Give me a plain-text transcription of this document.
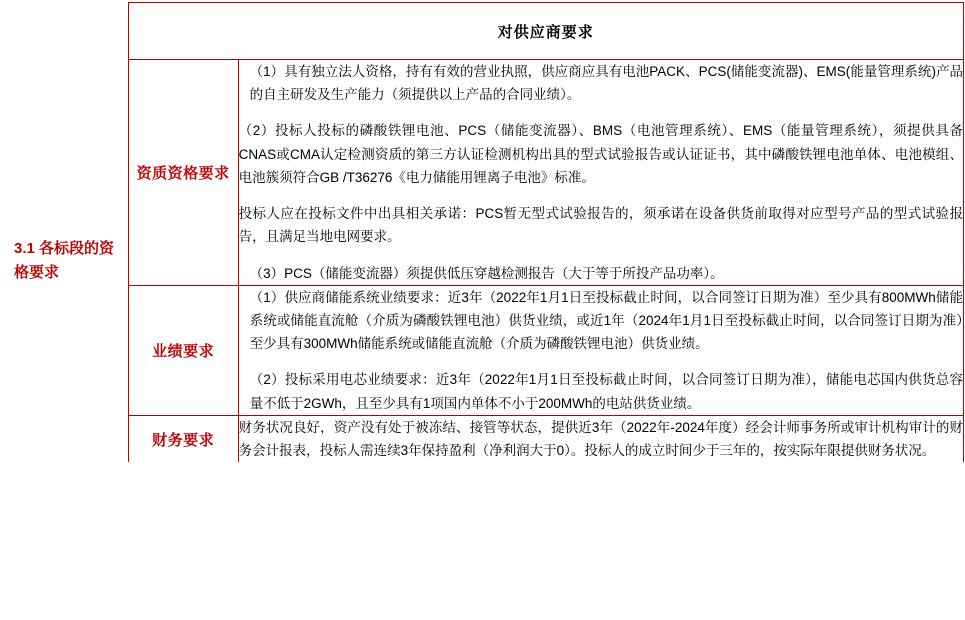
	对供应商要求	

3.1 各标段的资格要求	资质资格要求	（1）具有独立法人资格，持有有效的营业执照，供应商应具有电池PACK、PCS(储能变流器)、EMS(能量管理系统)产品的自主研发及生产能力（须提供以上产品的合同业绩）。

（2）投标人投标的磷酸铁锂电池、PCS（储能变流器）、BMS（电池管理系统）、EMS（能量管理系统），须提供具备CNAS或CMA认定检测资质的第三方认证检测机构出具的型式试验报告或认证证书，其中磷酸铁锂电池单体、电池模组、电池簇须符合GB /T36276《电力储能用锂离子电池》标准。

投标人应在投标文件中出具相关承诺：PCS暂无型式试验报告的，须承诺在设备供货前取得对应型号产品的型式试验报告，且满足当地电网要求。

（3）PCS（储能变流器）须提供低压穿越检测报告（大于等于所投产品功率）。

	业绩要求	（1）供应商储能系统业绩要求：近3年（2022年1月1日至投标截止时间，以合同签订日期为准）至少具有800MWh储能系统或储能直流舱（介质为磷酸铁锂电池）供货业绩，或近1年（2024年1月1日至投标截止时间，以合同签订日期为准）至少具有300MWh储能系统或储能直流舱（介质为磷酸铁锂电池）供货业绩。

（2）投标采用电芯业绩要求：近3年（2022年1月1日至投标截止时间，以合同签订日期为准），储能电芯国内供货总容量不低于2GWh，且至少具有1项国内单体不小于200MWh的电站供货业绩。

	财务要求	财务状况良好，资产没有处于被冻结、接管等状态，提供近3年（2022年-2024年度）经会计师事务所或审计机构审计的财务会计报表，投标人需连续3年保持盈利（净利润大于0）。投标人的成立时间少于三年的，按实际年限提供财务状况。
